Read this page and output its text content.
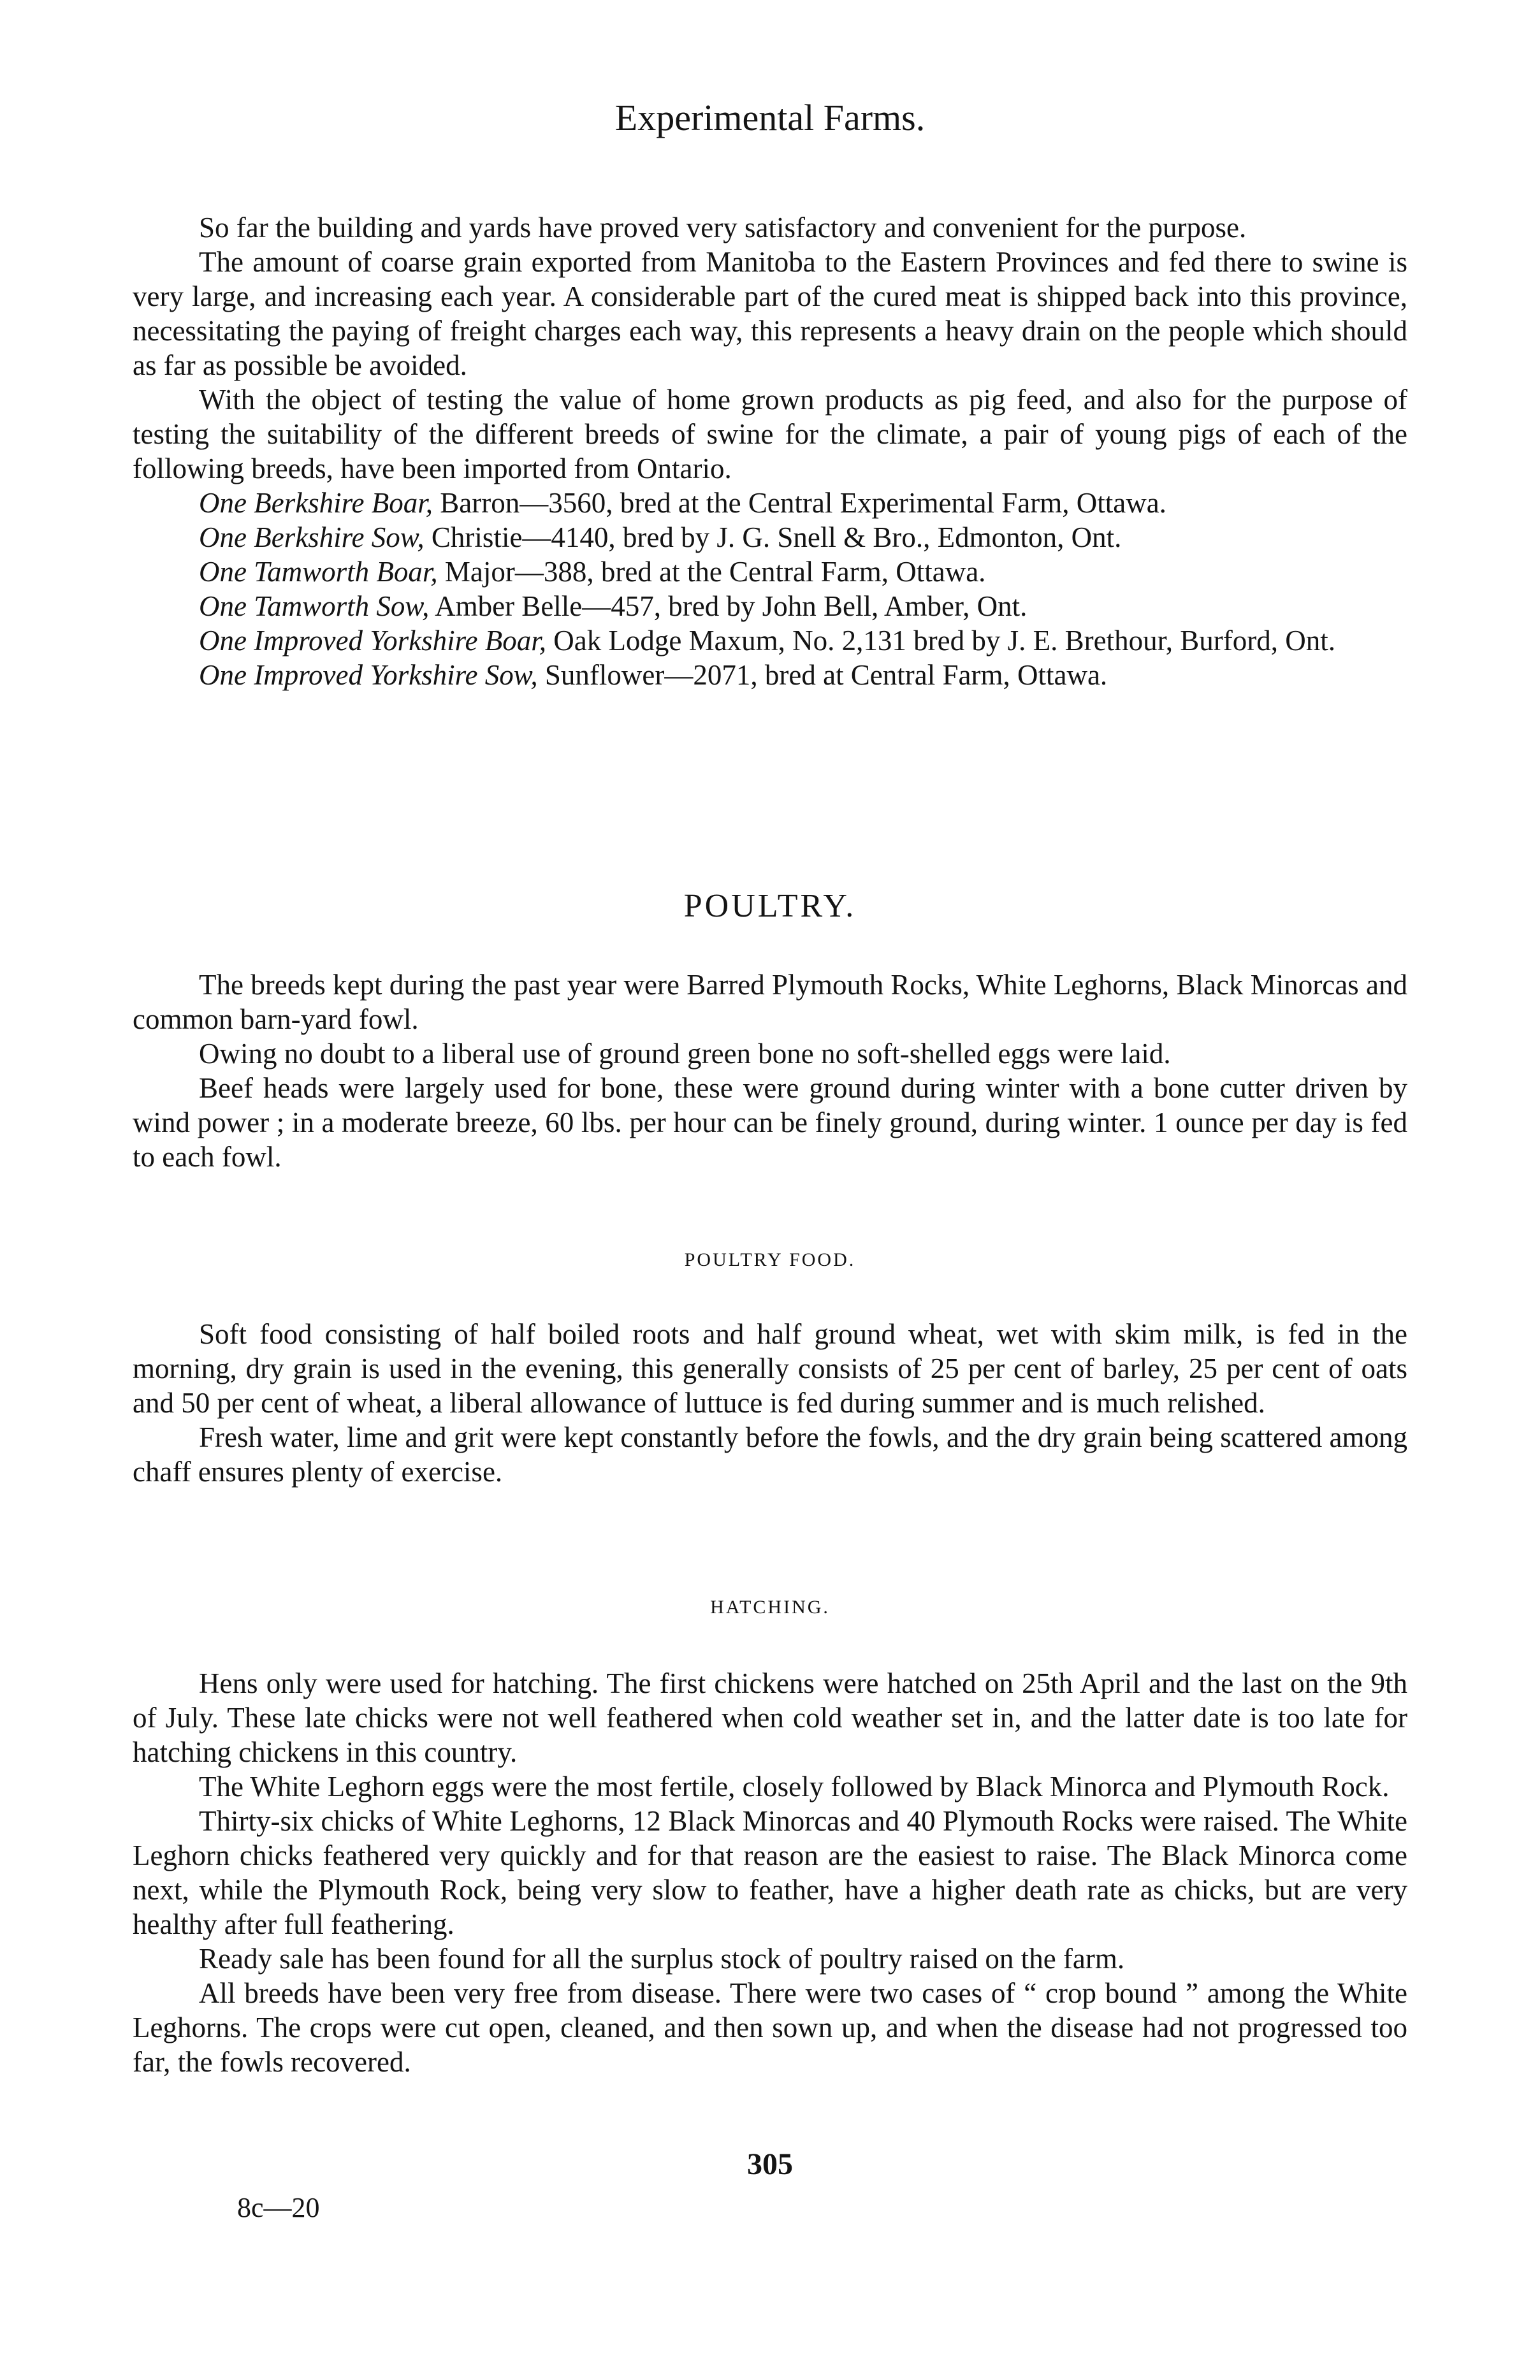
Experimental Farms.

So far the building and yards have proved very satisfactory and convenient for the purpose.

The amount of coarse grain exported from Manitoba to the Eastern Provinces and fed there to swine is very large, and increasing each year. A considerable part of the cured meat is shipped back into this province, necessitating the paying of freight charges each way, this represents a heavy drain on the people which should as far as possible be avoided.

With the object of testing the value of home grown products as pig feed, and also for the purpose of testing the suitability of the different breeds of swine for the climate, a pair of young pigs of each of the following breeds, have been imported from Ontario.

One Berkshire Boar, Barron—3560, bred at the Central Experimental Farm, Ottawa.

One Berkshire Sow, Christie—4140, bred by J. G. Snell & Bro., Edmonton, Ont.

One Tamworth Boar, Major—388, bred at the Central Farm, Ottawa.

One Tamworth Sow, Amber Belle—457, bred by John Bell, Amber, Ont.

One Improved Yorkshire Boar, Oak Lodge Maxum, No. 2,131 bred by J. E. Brethour, Burford, Ont.

One Improved Yorkshire Sow, Sunflower—2071, bred at Central Farm, Ottawa.

POULTRY.

The breeds kept during the past year were Barred Plymouth Rocks, White Leghorns, Black Minorcas and common barn-yard fowl.

Owing no doubt to a liberal use of ground green bone no soft-shelled eggs were laid.

Beef heads were largely used for bone, these were ground during winter with a bone cutter driven by wind power ; in a moderate breeze, 60 lbs. per hour can be finely ground, during winter. 1 ounce per day is fed to each fowl.

POULTRY FOOD.

Soft food consisting of half boiled roots and half ground wheat, wet with skim milk, is fed in the morning, dry grain is used in the evening, this generally consists of 25 per cent of barley, 25 per cent of oats and 50 per cent of wheat, a liberal allowance of luttuce is fed during summer and is much relished.

Fresh water, lime and grit were kept constantly before the fowls, and the dry grain being scattered among chaff ensures plenty of exercise.

HATCHING.

Hens only were used for hatching. The first chickens were hatched on 25th April and the last on the 9th of July. These late chicks were not well feathered when cold weather set in, and the latter date is too late for hatching chickens in this country.

The White Leghorn eggs were the most fertile, closely followed by Black Minorca and Plymouth Rock.

Thirty-six chicks of White Leghorns, 12 Black Minorcas and 40 Plymouth Rocks were raised. The White Leghorn chicks feathered very quickly and for that reason are the easiest to raise. The Black Minorca come next, while the Plymouth Rock, being very slow to feather, have a higher death rate as chicks, but are very healthy after full feathering.

Ready sale has been found for all the surplus stock of poultry raised on the farm.

All breeds have been very free from disease. There were two cases of “ crop bound ” among the White Leghorns. The crops were cut open, cleaned, and then sown up, and when the disease had not progressed too far, the fowls recovered.

305
8c—20
